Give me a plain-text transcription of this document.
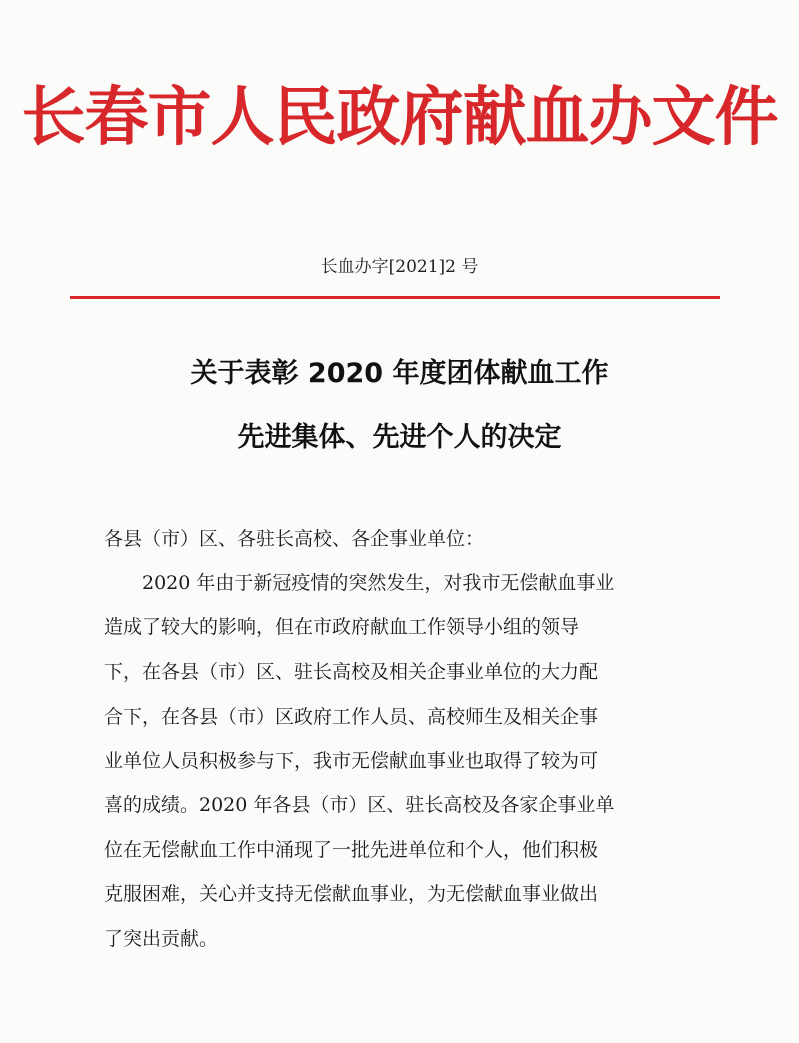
长春市人民政府献血办文件
长血办字[2021]2 号
关于表彰 2020 年度团体献血工作
先进集体、先进个人的决定
各县（市）区、各驻长高校、各企事业单位：
2020 年由于新冠疫情的突然发生，对我市无偿献血事业
造成了较大的影响，但在市政府献血工作领导小组的领导
下，在各县（市）区、驻长高校及相关企事业单位的大力配
合下，在各县（市）区政府工作人员、高校师生及相关企事
业单位人员积极参与下，我市无偿献血事业也取得了较为可
喜的成绩。2020 年各县（市）区、驻长高校及各家企事业单
位在无偿献血工作中涌现了一批先进单位和个人，他们积极
克服困难，关心并支持无偿献血事业，为无偿献血事业做出
了突出贡献。
